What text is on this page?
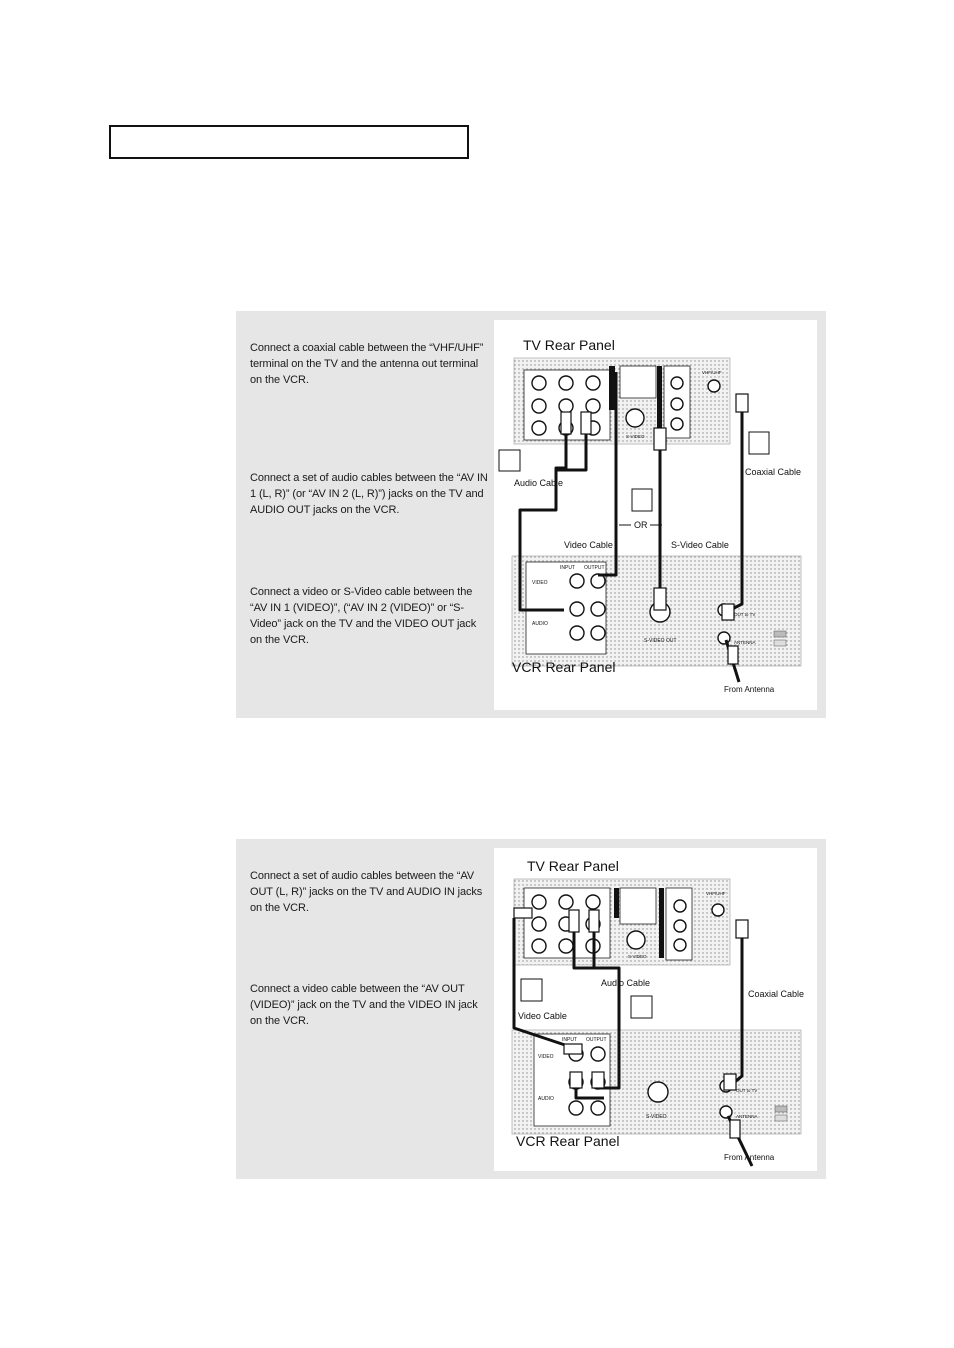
Connect a coaxial cable between the “VHF/UHF” terminal on the TV and the antenna out terminal on the VCR.
Connect a set of audio cables between the “AV IN 1 (L, R)” (or “AV IN 2 (L, R)”) jacks on the TV and AUDIO OUT jacks on the VCR.
Connect a video or S-Video cable between the “AV IN 1 (VIDEO)”, (“AV IN 2 (VIDEO)” or “S-Video” jack on the TV and the VIDEO OUT jack on the VCR.
TV Rear Panel
S-VIDEO
VHF/UHF
Audio Cable
Coaxial Cable
OR
Video Cable	S-Video Cable
VIDEO
INPUT OUTPUT
AUDIO
S-VIDEO OUT
OUT to TV
ANTENNA
VCR Rear Panel
From Antenna
Connect a set of audio cables between the “AV OUT (L, R)” jacks on the TV and AUDIO IN jacks on the VCR.
Connect a video cable between the “AV OUT (VIDEO)” jack on the TV and the VIDEO IN jack on the VCR.
TV Rear Panel
S-VIDEO
VHF/UHF
Audio Cable
Video Cable
Coaxial Cable
VIDEO
INPUT OUTPUT
AUDIO
S-VIDEO
OUT to TV
ANTENNA
VCR Rear Panel
From Antenna
